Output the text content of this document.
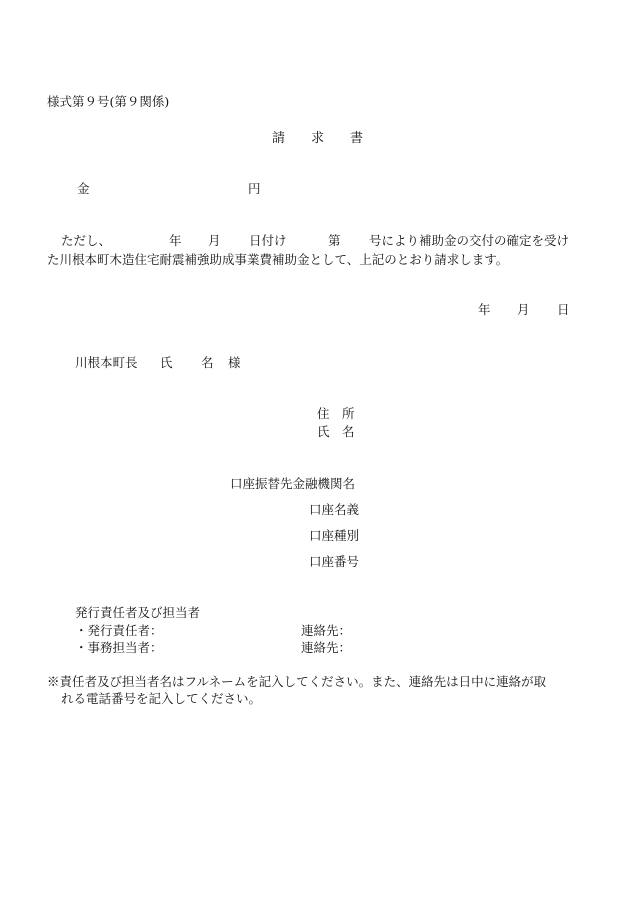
様式第９号(第９関係)
請　　求　　書
金	円
ただし、	年 月 日付け	第 号により補助金の交付の確定を受け
た川根本町木造住宅耐震補強助成事業費補助金として、上記のとおり請求します。
年 月 日
川根本町長 氏 名 様
住　所
氏　名
口座振替先金融機関名
口座名義
口座種別
口座番号
発行責任者及び担当者
・発行責任者：	連絡先：
・事務担当者：	連絡先：
※責任者及び担当者名はフルネームを記入してください。また、連絡先は日中に連絡が取
れる電話番号を記入してください。
